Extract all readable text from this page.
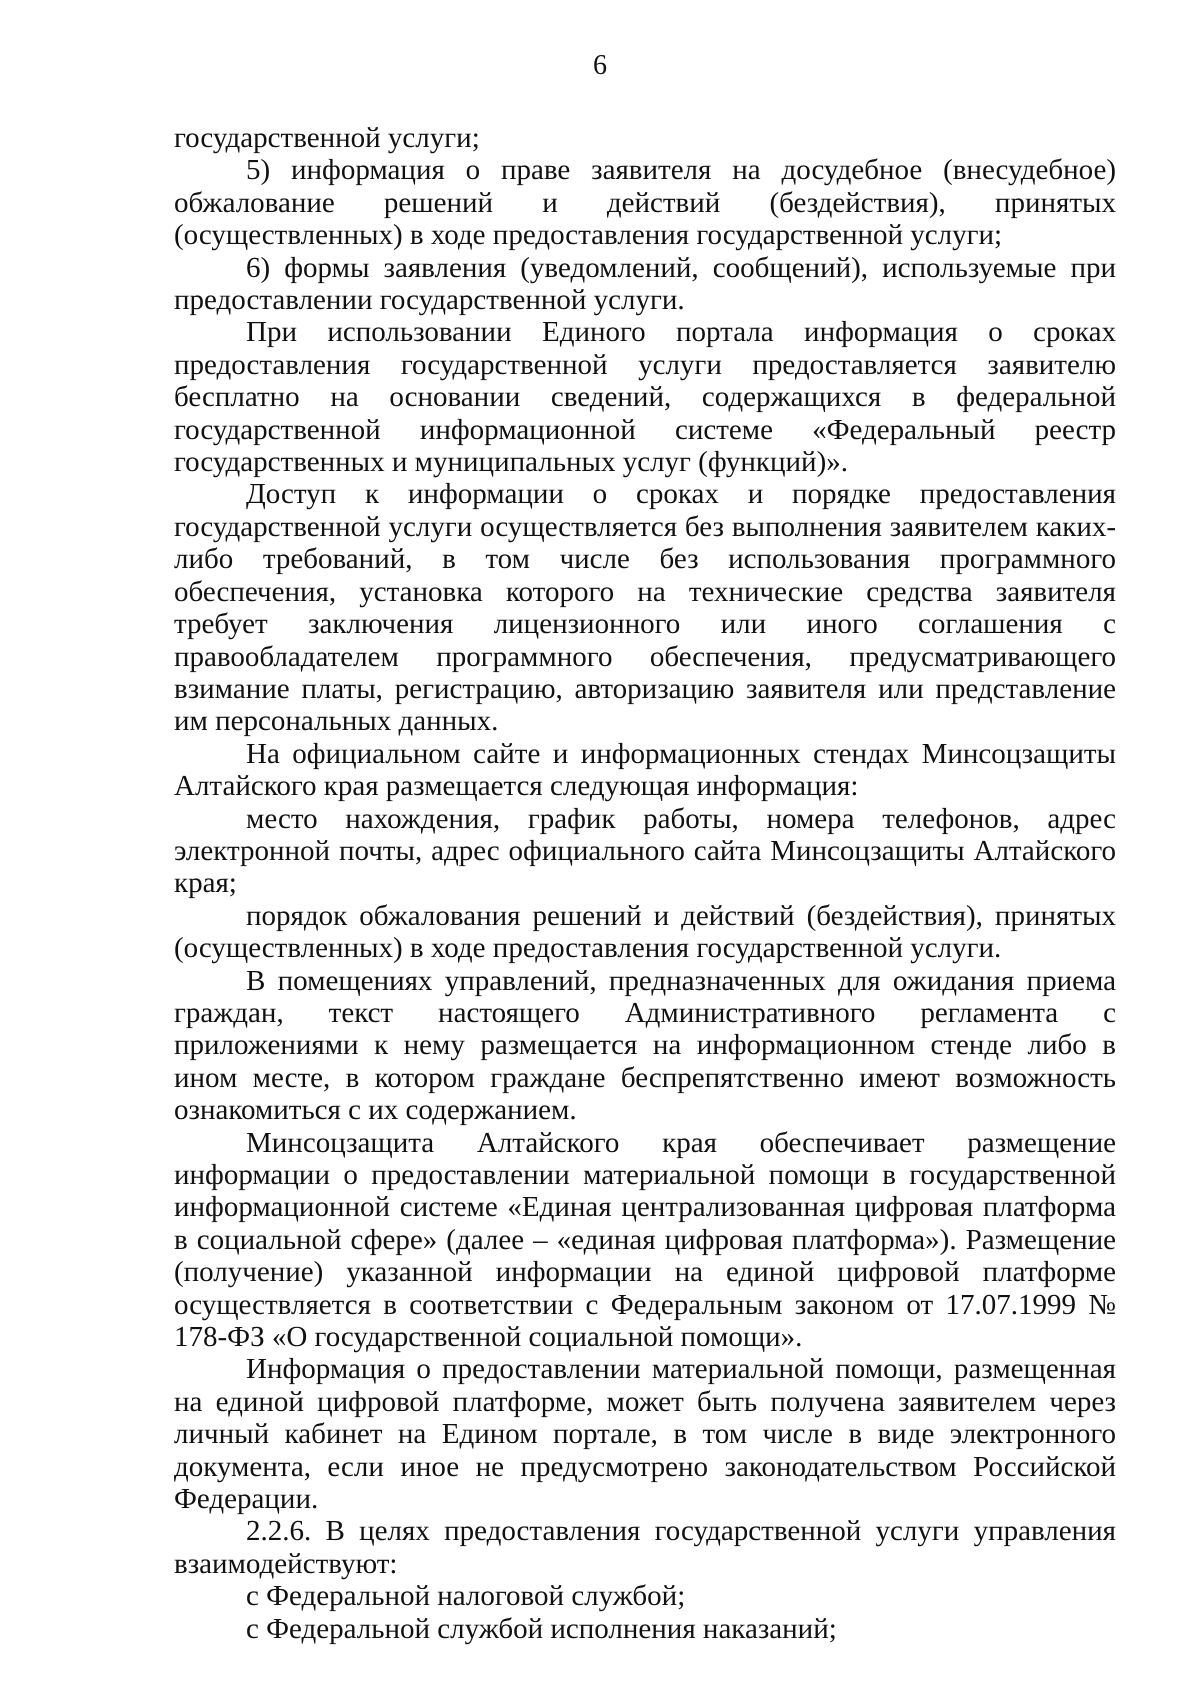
6

государственной услуги;

5) информация о праве заявителя на досудебное (внесудебное) обжалование решений и действий (бездействия), принятых (осуществленных) в ходе предоставления государственной услуги;

6) формы заявления (уведомлений, сообщений), используемые при предоставлении государственной услуги.

При использовании Единого портала информация о сроках предоставления государственной услуги предоставляется заявителю бесплатно на основании сведений, содержащихся в федеральной государственной информационной системе «Федеральный реестр государственных и муниципальных услуг (функций)».

Доступ к информации о сроках и порядке предоставления государственной услуги осуществляется без выполнения заявителем каких-либо требований, в том числе без использования программного обеспечения, установка которого на технические средства заявителя требует заключения лицензионного или иного соглашения с правообладателем программного обеспечения, предусматривающего взимание платы, регистрацию, авторизацию заявителя или представление им персональных данных.

На официальном сайте и информационных стендах Минсоцзащиты Алтайского края размещается следующая информация:

место нахождения, график работы, номера телефонов, адрес электронной почты, адрес официального сайта Минсоцзащиты Алтайского края;

порядок обжалования решений и действий (бездействия), принятых (осуществленных) в ходе предоставления государственной услуги.

В помещениях управлений, предназначенных для ожидания приема граждан, текст настоящего Административного регламента с приложениями к нему размещается на информационном стенде либо в ином месте, в котором граждане беспрепятственно имеют возможность ознакомиться с их содержанием.

Минсоцзащита Алтайского края обеспечивает размещение информации о предоставлении материальной помощи в государственной информационной системе «Единая централизованная цифровая платформа в социальной сфере» (далее – «единая цифровая платформа»). Размещение (получение) указанной информации на единой цифровой платформе осуществляется в соответствии с Федеральным законом от 17.07.1999 № 178-ФЗ «О государственной социальной помощи».

Информация о предоставлении материальной помощи, размещенная на единой цифровой платформе, может быть получена заявителем через личный кабинет на Едином портале, в том числе в виде электронного документа, если иное не предусмотрено законодательством Российской Федерации.

2.2.6. В целях предоставления государственной услуги управления взаимодействуют:

с Федеральной налоговой службой;

с Федеральной службой исполнения наказаний;
